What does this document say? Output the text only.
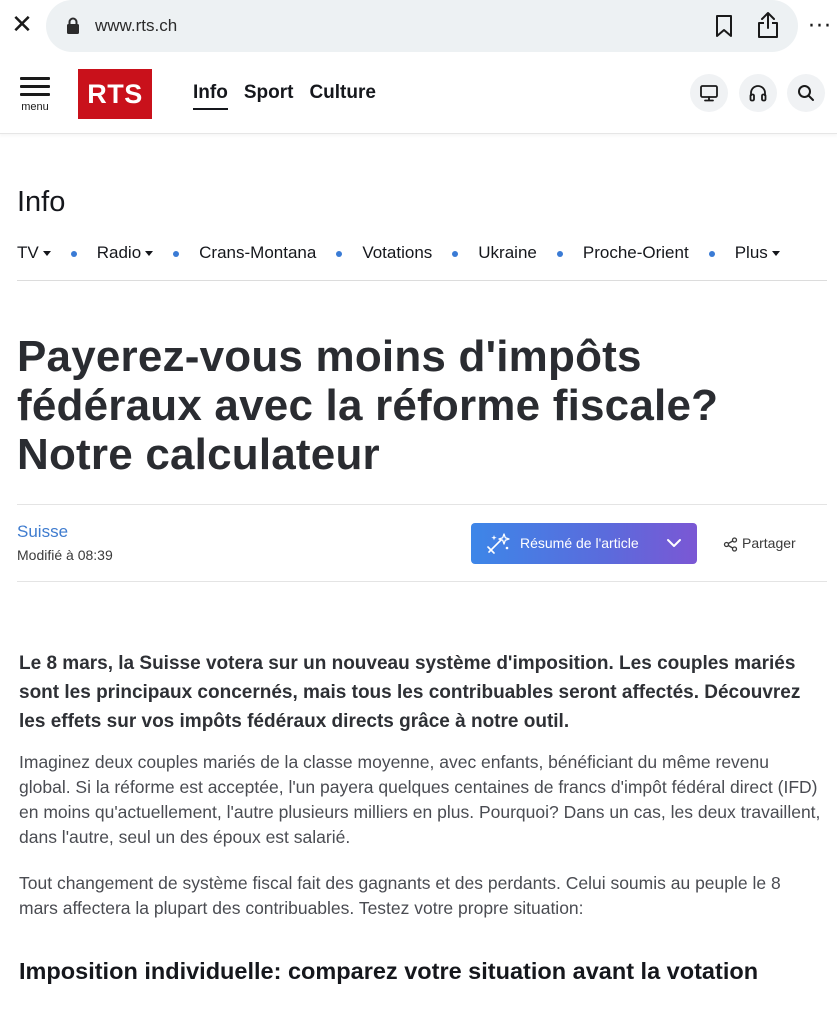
✕	www.rts.ch	···
menu	RTS	Info Sport Culture
Info
TV	Radio	Crans-Montana	Votations	Ukraine	Proche-Orient	Plus
Payerez-vous moins d'impôts
fédéraux avec la réforme fiscale?
Notre calculateur
Suisse
Modifié à 08:39
Résumé de l'article	Partager

Le 8 mars, la Suisse votera sur un nouveau système d'imposition. Les couples mariés sont les principaux concernés, mais tous les contribuables seront affectés. Découvrez les effets sur vos impôts fédéraux directs grâce à notre outil.

Imaginez deux couples mariés de la classe moyenne, avec enfants, bénéficiant du même revenu global. Si la réforme est acceptée, l'un payera quelques centaines de francs d'impôt fédéral direct (IFD) en moins qu'actuellement, l'autre plusieurs milliers en plus. Pourquoi? Dans un cas, les deux travaillent, dans l'autre, seul un des époux est salarié.

Tout changement de système fiscal fait des gagnants et des perdants. Celui soumis au peuple le 8 mars affectera la plupart des contribuables. Testez votre propre situation:

Imposition individuelle: comparez votre situation avant la votation
